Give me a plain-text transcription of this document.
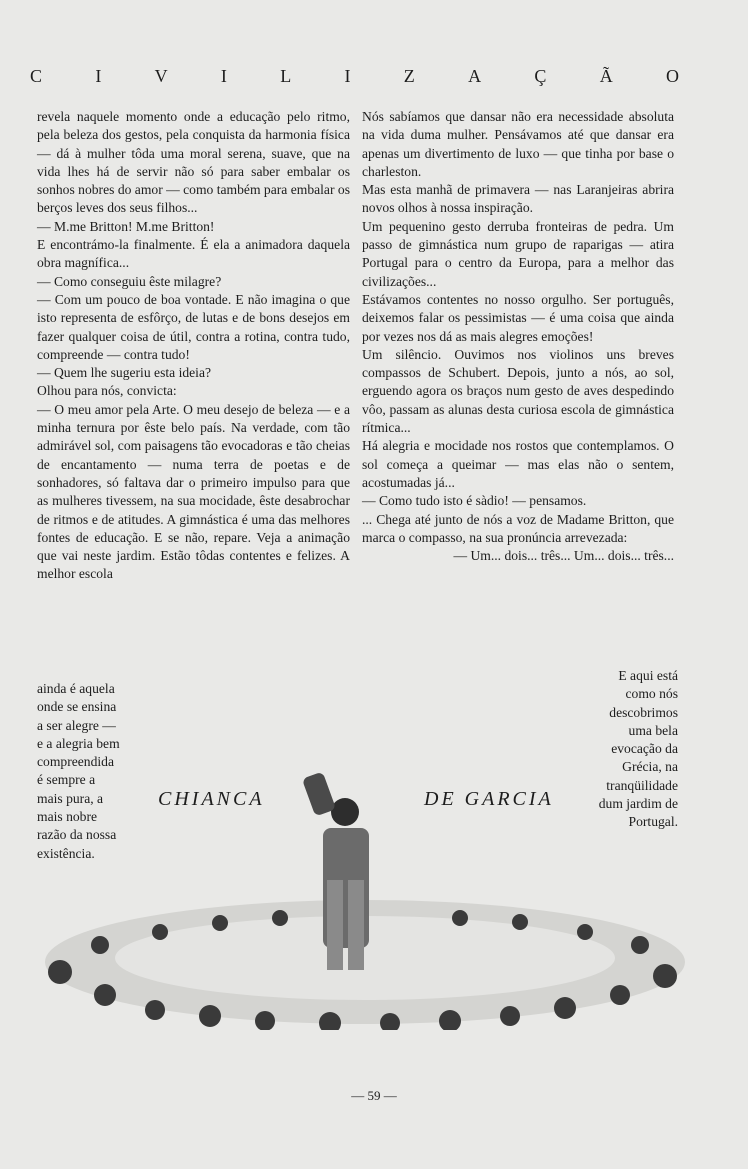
C	I	V	I	L	I	Z	A	Ç	Ã	O

revela naquele momento onde a educação pelo ritmo, pela beleza dos gestos, pela conquista da harmonia física — dá à mulher tôda uma moral serena, suave, que na vida lhes há de servir não só para saber embalar os sonhos nobres do amor — como também para embalar os berços leves dos seus filhos...

— M.me Britton! M.me Britton!

E encontrámo-la finalmente. É ela a animadora daquela obra magnífica...

— Como conseguiu êste milagre?

— Com um pouco de boa vontade. E não imagina o que isto representa de esfôrço, de lutas e de bons desejos em fazer qualquer coisa de útil, contra a rotina, contra tudo, compreende — contra tudo!

— Quem lhe sugeriu esta ideia?

Olhou para nós, convicta:

— O meu amor pela Arte. O meu desejo de beleza — e a minha ternura por êste belo país. Na verdade, com tão admirável sol, com paisagens tão evocadoras e tão cheias de encantamento — numa terra de poetas e de sonhadores, só faltava dar o primeiro impulso para que as mulheres tivessem, na sua mocidade, êste desabrochar de ritmos e de atitudes. A gimnástica é uma das melhores fontes de educação. E se não, repare. Veja a animação que vai neste jardim. Estão tôdas contentes e felizes. A melhor escola

ainda é aquela onde se ensina a ser alegre — e a alegria bem compreendida é sempre a mais pura, a mais nobre razão da nossa existência.

Nós sabíamos que dansar não era necessidade absoluta na vida duma mulher. Pensávamos até que dansar era apenas um divertimento de luxo — que tinha por base o charleston.

Mas esta manhã de primavera — nas Laranjeiras abrira novos olhos à nossa inspiração.

Um pequenino gesto derruba fronteiras de pedra. Um passo de gimnástica num grupo de raparigas — atira Portugal para o centro da Europa, para a melhor das civilizações...

Estávamos contentes no nosso orgulho. Ser português, deixemos falar os pessimistas — é uma coisa que ainda por vezes nos dá as mais alegres emoções!

Um silêncio. Ouvimos nos violinos uns breves compassos de Schubert. Depois, junto a nós, ao sol, erguendo agora os braços num gesto de aves despedindo vôo, passam as alunas desta curiosa escola de gimnástica rítmica...

Há alegria e mocidade nos rostos que contemplamos. O sol começa a queimar — mas elas não o sentem, acostumadas já...

— Como tudo isto é sàdio! — pensamos.

... Chega até junto de nós a voz de Madame Britton, que marca o compasso, na sua pronúncia arrevezada:

— Um... dois... três... Um... dois... três...

E aqui está como nós descobrimos uma bela evocação da Grécia, na tranqüilidade dum jardim de Portugal.
CHIANCA	DE GARCIA
— 59 —
